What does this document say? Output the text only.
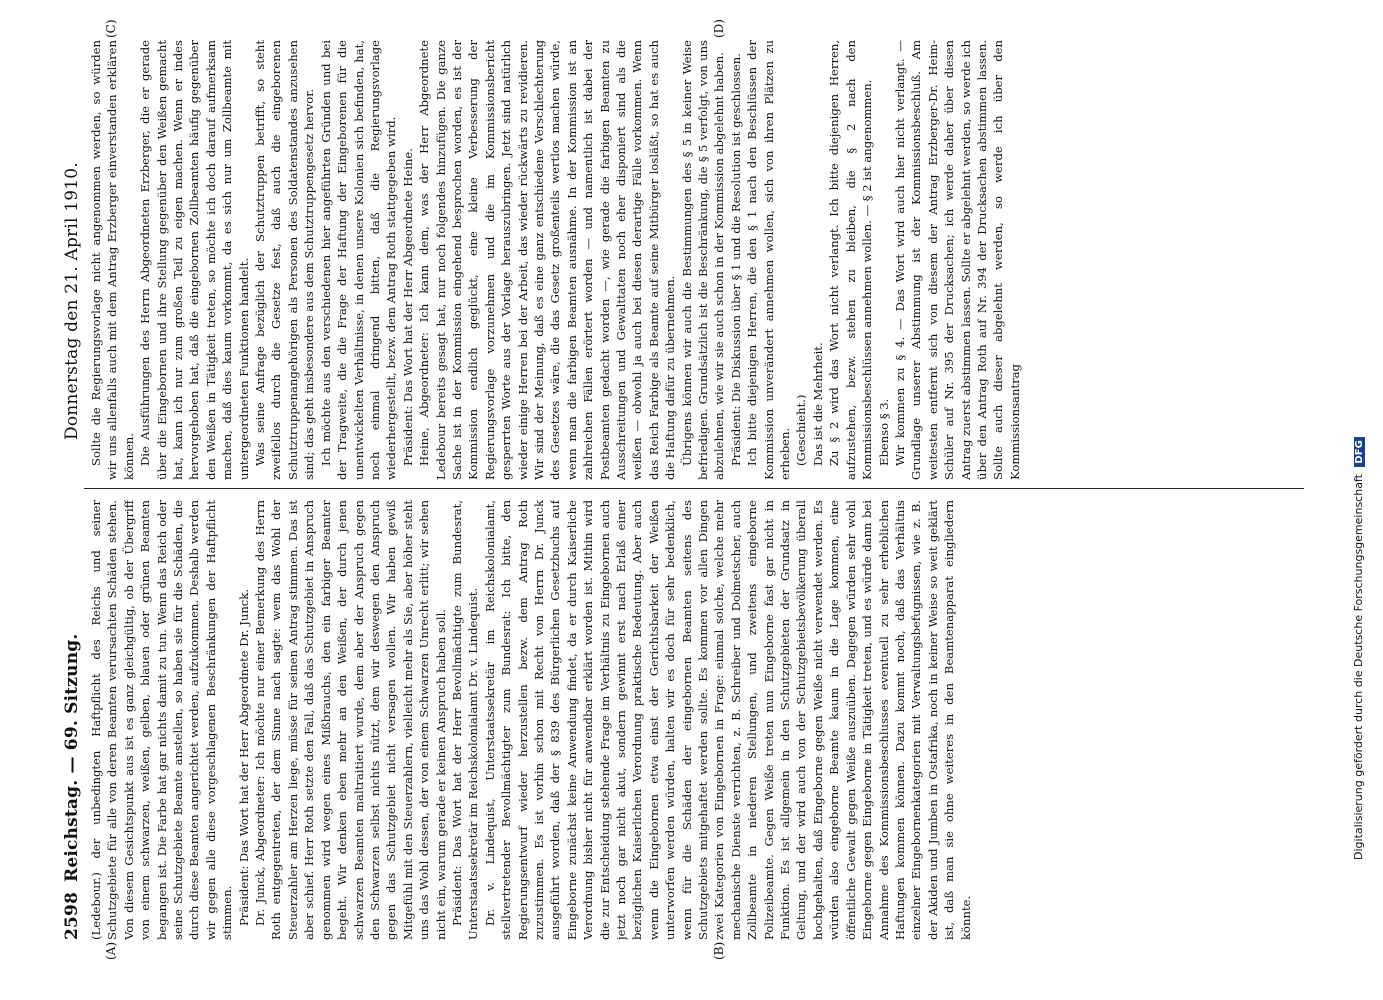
2598
Reichstag. — 69. Sitzung.
Donnerstag den 21. April 1910.
(A)	(B)
(C)	(D)

(Ledebour.) der unbedingten Haftpflicht des Reichs und seiner Schutzgebiete für alle von deren Beamten verursachten Schäden stehen. Von diesem Gesichtspunkt aus ist es ganz gleichgültig, ob der Übergriff von einem schwarzen, weißen, gelben, blauen oder grünen Beamten begangen ist. Die Farbe hat gar nichts damit zu tun. Wenn das Reich oder seine Schutzgebiete Beamte anstellen, so haben sie für die Schäden, die durch diese Beamten angerichtet werden, aufzukommen. Deshalb werden wir gegen alle diese vorgeschlagenen Beschränkungen der Haftpflicht stimmen. Präsident: Das Wort hat der Herr Abgeordnete Dr. Junck. Dr. Junck, Abgeordneter: Ich möchte nur einer Bemerkung des Herrn Roth entgegentreten, der dem Sinne nach sagte: wem das Wohl der Steuerzahler am Herzen liege, müsse für seinen Antrag stimmen. Das ist aber schief. Herr Roth setzte den Fall, daß das Schutzgebiet in Anspruch genommen wird wegen eines Mißbrauchs, den ein farbiger Beamter begeht. Wir denken eben mehr an den Weißen, der durch jenen schwarzen Beamten maltraitiert wurde, dem aber der Anspruch gegen den Schwarzen selbst nichts nützt, dem wir deswegen den Anspruch gegen das Schutzgebiet nicht versagen wollen. Wir haben gewiß Mitgefühl mit den Steuerzahlern, vielleicht mehr als Sie, aber höher steht uns das Wohl dessen, der von einem Schwarzen Unrecht erlitt; wir sehen nicht ein, warum gerade er keinen Anspruch haben soll. Präsident: Das Wort hat der Herr Bevollmächtigte zum Bundesrat, Unterstaatssekretär im Reichskolonialamt Dr. v. Lindequist. Dr. v. Lindequist, Unterstaatssekretär im Reichskolonialamt, stellvertretender Bevollmächtigter zum Bundesrat: Ich bitte, den Regierungsentwurf wieder herzustellen bezw. dem Antrag Roth zuzustimmen. Es ist vorhin schon mit Recht von Herrn Dr. Junck ausgeführt worden, daß der § 839 des Bürgerlichen Gesetzbuchs auf Eingeborne zunächst keine Anwendung findet, da er durch Kaiserliche Verordnung bisher nicht für anwendbar erklärt worden ist. Mithin wird die zur Entscheidung stehende Frage im Verhältnis zu Eingebornen auch jetzt noch gar nicht akut, sondern gewinnt erst nach Erlaß einer bezüglichen Kaiserlichen Verordnung praktische Bedeutung. Aber auch wenn die Eingebornen etwa einst der Gerichtsbarkeit der Weißen unterworfen werden würden, halten wir es doch für sehr bedenklich, wenn für die Schäden der eingebornen Beamten seitens des Schutzgebiets mitgehaftet werden sollte. Es kommen vor allen Dingen zwei Kategorien von Eingebornen in Frage: einmal solche, welche mehr mechanische Dienste verrichten, z. B. Schreiber und Dolmetscher, auch Zollbeamte in niederen Stellungen, und zweitens eingeborne Polizeibeamte. Gegen Weiße treten nun Eingeborne fast gar nicht in Funktion. Es ist allgemein in den Schutzgebieten der Grundsatz in Geltung, und der wird auch von der Schutzgebietsbevölkerung überall hochgehalten, daß Eingeborne gegen Weiße nicht verwendet werden. Es würden also eingeborne Beamte kaum in die Lage kommen, eine öffentliche Gewalt gegen Weiße auszuüben. Dagegen würden sehr wohl Eingeborne gegen Eingeborne in Tätigkeit treten, und es würde dann bei Annahme des Kommissionsbeschlusses eventuell zu sehr erheblichen Haftungen kommen können. Dazu kommt noch, daß das Verhältnis einzelner Eingebornenkategorien mit Verwaltungsbefugnissen, wie z. B. der Akiden und Jumben in Ostafrika, noch in keiner Weise so weit geklärt ist, daß man sie ohne weiteres in den Beamtenapparat eingliedern könnte.

Sollte die Regierungsvorlage nicht angenommen werden, so würden wir uns allenfalls auch mit dem Antrag Erzberger einverstanden erklären können. Die Ausführungen des Herrn Abgeordneten Erzberger, die er gerade über die Eingebornen und ihre Stellung gegenüber den Weißen gemacht hat, kann ich nur zum großen Teil zu eigen machen. Wenn er indes hervorgehoben hat, daß die eingebornen Zollbeamten häufig gegenüber den Weißen in Tätigkeit treten, so möchte ich doch darauf aufmerksam machen, daß dies kaum vorkommt, da es sich nur um Zollbeamte mit untergeordneten Funktionen handelt. Was seine Anfrage bezüglich der Schutztruppen betrifft, so steht zweifellos durch die Gesetze fest, daß auch die eingeborenen Schutztruppenangehörigen als Personen des Soldatenstandes anzusehen sind; das geht insbesondere aus dem Schutztruppengesetz hervor. Ich möchte aus den verschiedenen hier angeführten Gründen und bei der Tragweite, die die Frage der Haftung der Eingeborenen für die unentwickelten Verhältnisse, in denen unsere Kolonien sich befinden, hat, noch einmal dringend bitten, daß die Regierungsvorlage wiederhergestellt, bezw. dem Antrag Roth stattgegeben wird. Präsident: Das Wort hat der Herr Abgeordnete Heine. Heine, Abgeordneter: Ich kann dem, was der Herr Abgeordnete Ledebour bereits gesagt hat, nur noch folgendes hinzufügen. Die ganze Sache ist in der Kommission eingehend besprochen worden, es ist der Kommission endlich geglückt, eine kleine Verbesserung der Regierungsvorlage vorzunehmen und die im Kommissionsbericht gesperrten Worte aus der Vorlage herauszubringen. Jetzt sind natürlich wieder einige Herren bei der Arbeit, das wieder rückwärts zu revidieren. Wir sind der Meinung, daß es eine ganz entschiedene Verschlechterung des Gesetzes wäre, die das Gesetz großenteils wertlos machen würde, wenn man die farbigen Beamten ausnähme. In der Kommission ist an zahlreichen Fällen erörtert worden — und namentlich ist dabei der Postbeamten gedacht worden —, wie gerade die farbigen Beamten zu Ausschreitungen und Gewalttaten noch eher disponiert sind als die weißen — obwohl ja auch bei diesen derartige Fälle vorkommen. Wenn das Reich Farbige als Beamte auf seine Mitbürger losläßt, so hat es auch die Haftung dafür zu übernehmen. Übrigens können wir auch die Bestimmungen des § 5 in keiner Weise befriedigen. Grundsätzlich ist die Beschränkung, die § 5 verfolgt, von uns abzulehnen, wie wir sie auch schon in der Kommission abgelehnt haben. Präsident: Die Diskussion über § 1 und die Resolution ist geschlossen. Ich bitte diejenigen Herren, die den § 1 nach den Beschlüssen der Kommission unverändert annehmen wollen, sich von ihren Plätzen zu erheben. (Geschieht.) Das ist die Mehrheit. Zu § 2 wird das Wort nicht verlangt. Ich bitte diejenigen Herren, aufzustehen, bezw. stehen zu bleiben, die § 2 nach den Kommissionsbeschlüssen annehmen wollen. — § 2 ist angenommen. Ebenso § 3. Wir kommen zu § 4. — Das Wort wird auch hier nicht verlangt. — Grundlage unserer Abstimmung ist der Kommissionsbeschluß. Am weitesten entfernt sich von diesem der Antrag Erzberger-Dr. Heim-Schüler auf Nr. 395 der Drucksachen; ich werde daher über diesen Antrag zuerst abstimmen lassen. Sollte er abgelehnt werden, so werde ich über den Antrag Roth auf Nr. 394 der Drucksachen abstimmen lassen. Sollte auch dieser abgelehnt werden, so werde ich über den Kommissionsantrag

Digitalisierung gefördert durch die Deutsche Forschungsgemeinschaft DFG
